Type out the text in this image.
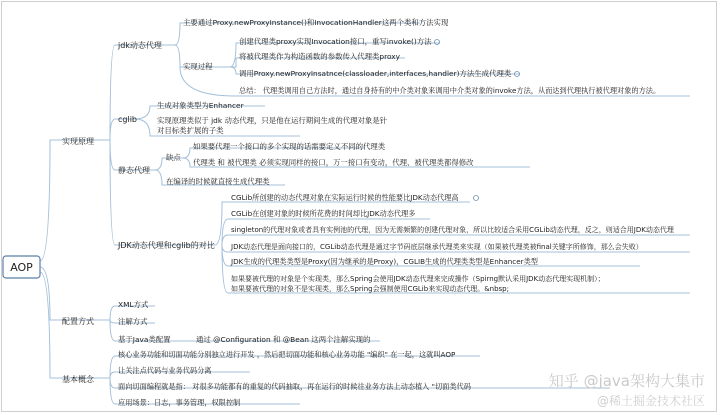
AOP
实现原理
配置方式
基本概念
jdk动态代理
主要通过Proxy.newProxyInstance()和InvocationHandler这两个类和方法实现
实现过程
创建代理类proxy实现Invocation接口，重写invoke()方法
将被代理类作为构造函数的参数传入代理类proxy
调用Proxy.newProxyInsatnce(classloader,interfaces,handler)方法生成代理类
总结： 代理类调用自己方法时，通过自身持有的中介类对象来调用中介类对象的invoke方法，从而达到代理执行被代理对象的方法。
cglib
生成对象类型为Enhancer
实现原理类似于 jdk 动态代理，只是他在运行期间生成的代理对象是针
对目标类扩展的子类
静态代理
缺点
如果要代理一个接口的多个实现的话需要定义不同的代理类
代理类 和 被代理类 必须实现同样的接口，万一接口有变动，代理、被代理类都得修改
在编译的时候就直接生成代理类
JDK动态代理和cglib的对比
CGLib所创建的动态代理对象在实际运行时候的性能要比JDK动态代理高
CGLib在创建对象的时候所花费的时间却比JDK动态代理多
singleton的代理对象或者具有实例池的代理，因为无需频繁的创建代理对象，所以比较适合采用CGLib动态代理，反之，则适合用JDK动态代理
JDK动态代理是面向接口的，CGLib动态代理是通过字节码底层继承代理类来实现（如果被代理类被final关键字所修饰，那么会失败）
JDK生成的代理类类型是Proxy(因为继承的是Proxy)，CGLIB生成的代理类类型是Enhancer类型
如果要被代理的对象是个实现类，那么Spring会使用JDK动态代理来完成操作（Spirng默认采用JDK动态代理实现机制）；
如果要被代理的对象不是实现类，那么Spring会强制使用CGLib来实现动态代理。&nbsp;
XML方式
注解方式
基于Java类配置	通过 @Configuration 和 @Bean 这两个注解实现的
核心业务功能和切面功能分别独立进行开发 ，然后把切面功能和核心业务功能 "编织" 在一起，这就叫AOP
让关注点代码与业务代码分离
面向切面编程就是指： 对很多功能都有的重复的代码抽取，再在运行的时候往业务方法上动态植入 "切面类代码
应用场景：日志，事务管理，权限控制
知乎 @java架构大集市
@稀土掘金技术社区
